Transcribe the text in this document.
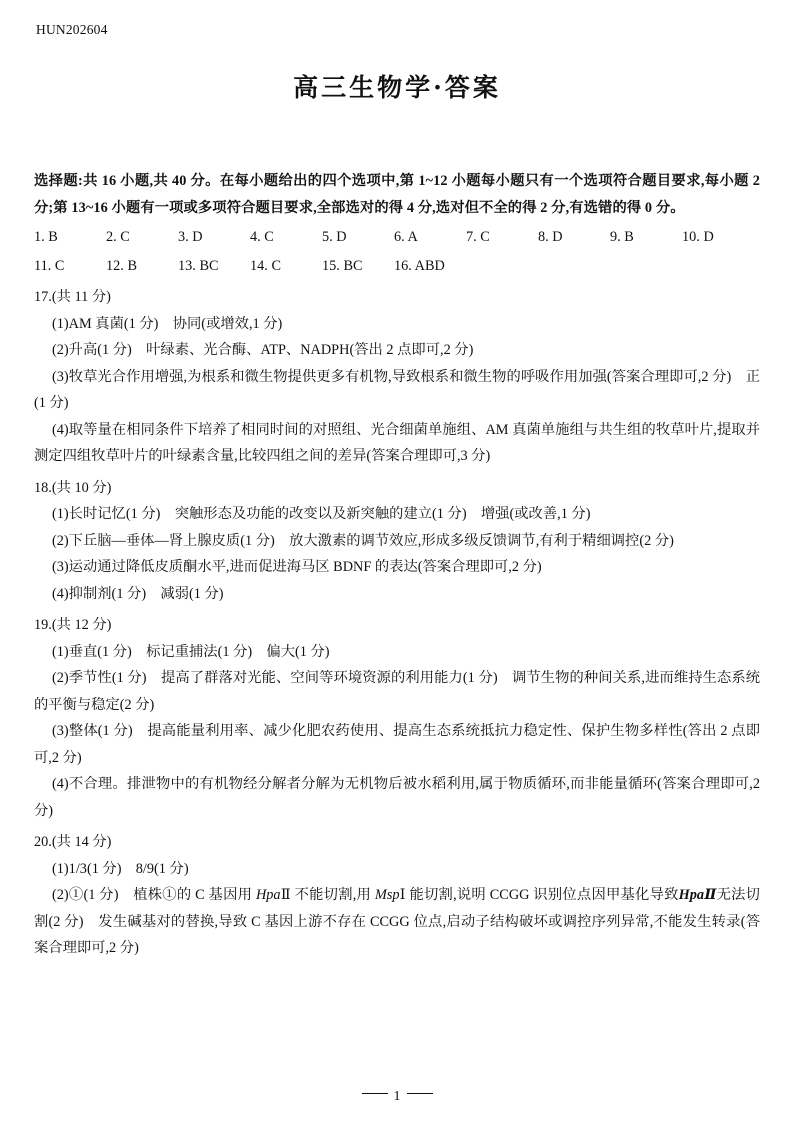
HUN202604
高三生物学·答案
选择题:共 16 小题,共 40 分。在每小题给出的四个选项中,第 1~12 小题每小题只有一个选项符合题目要求,每小题 2 分;第 13~16 小题有一项或多项符合题目要求,全部选对的得 4 分,选对但不全的得 2 分,有选错的得 0 分。
1. B	2. C	3. D	4. C	5. D	6. A	7. C	8. D	9. B	10. D
11. C	12. B	13. BC	14. C	15. BC	16. ABD
17.(共 11 分)
(1)AM 真菌(1 分)　协同(或增效,1 分)
(2)升高(1 分)　叶绿素、光合酶、ATP、NADPH(答出 2 点即可,2 分)
(3)牧草光合作用增强,为根系和微生物提供更多有机物,导致根系和微生物的呼吸作用加强(答案合理即可,2 分)　正(1 分)
(4)取等量在相同条件下培养了相同时间的对照组、光合细菌单施组、AM 真菌单施组与共生组的牧草叶片,提取并测定四组牧草叶片的叶绿素含量,比较四组之间的差异(答案合理即可,3 分)
18.(共 10 分)
(1)长时记忆(1 分)　突触形态及功能的改变以及新突触的建立(1 分)　增强(或改善,1 分)
(2)下丘脑—垂体—肾上腺皮质(1 分)　放大激素的调节效应,形成多级反馈调节,有利于精细调控(2 分)
(3)运动通过降低皮质酮水平,进而促进海马区 BDNF 的表达(答案合理即可,2 分)
(4)抑制剂(1 分)　减弱(1 分)
19.(共 12 分)
(1)垂直(1 分)　标记重捕法(1 分)　偏大(1 分)
(2)季节性(1 分)　提高了群落对光能、空间等环境资源的利用能力(1 分)　调节生物的种间关系,进而维持生态系统的平衡与稳定(2 分)
(3)整体(1 分)　提高能量利用率、减少化肥农药使用、提高生态系统抵抗力稳定性、保护生物多样性(答出 2 点即可,2 分)
(4)不合理。排泄物中的有机物经分解者分解为无机物后被水稻利用,属于物质循环,而非能量循环(答案合理即可,2 分)
20.(共 14 分)
(1)1/3(1 分)　8/9(1 分)
(2)①(1 分)　植株①的 C 基因用 HpaⅡ 不能切割,用 MspⅠ 能切割,说明 CCGG 识别位点因甲基化导致HpaⅡ无法切割(2 分)　发生碱基对的替换,导致 C 基因上游不存在 CCGG 位点,启动子结构破坏或调控序列异常,不能发生转录(答案合理即可,2 分)
1
